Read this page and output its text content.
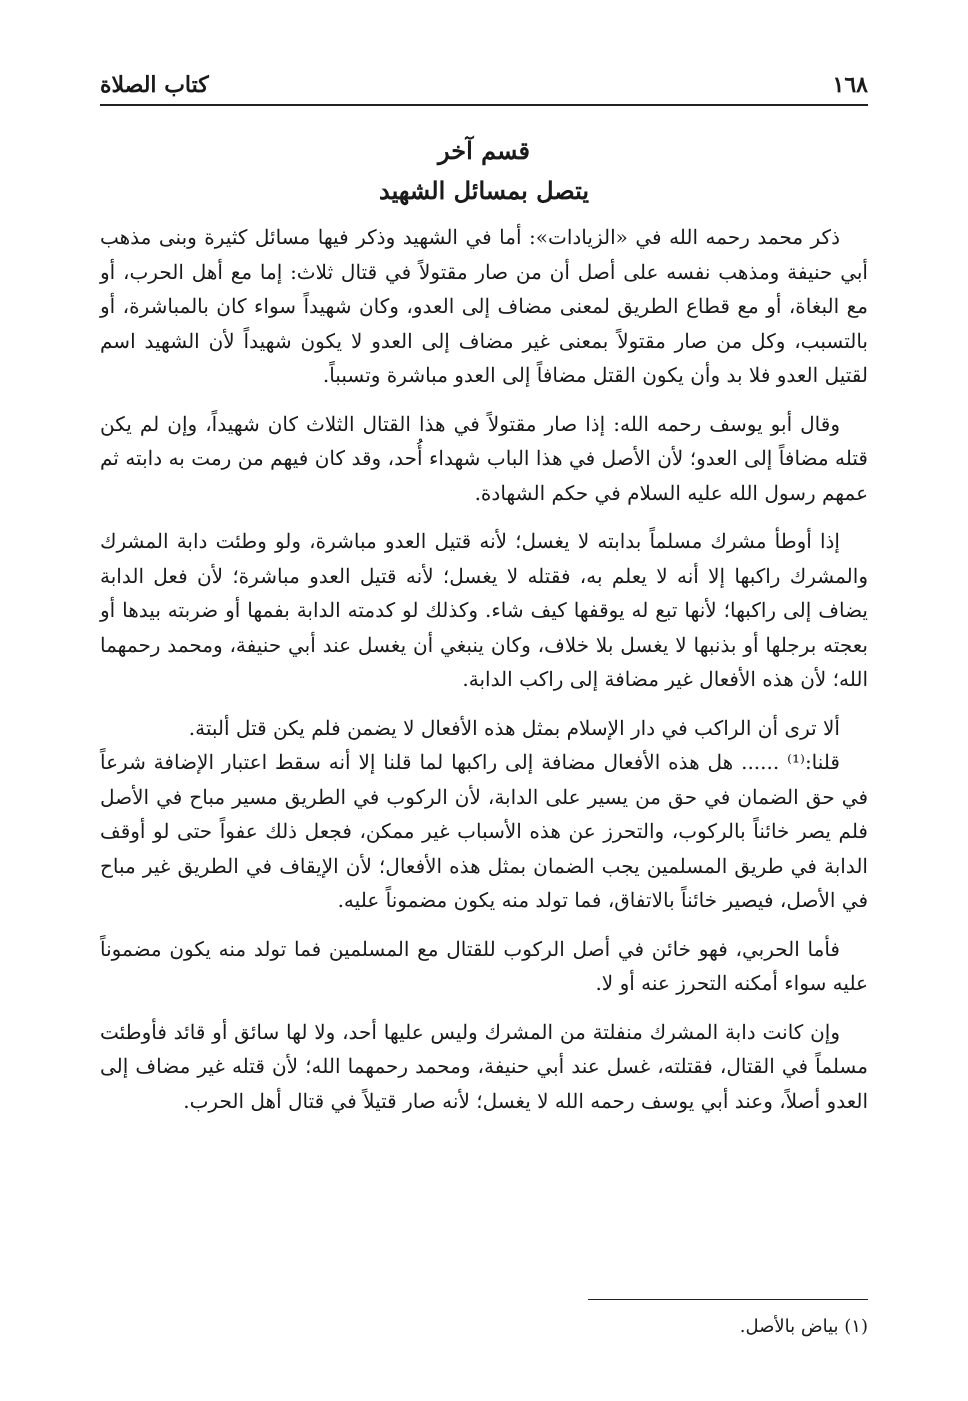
١٦٨
كتاب الصلاة
قسم آخر
يتصل بمسائل الشهيد

ذكر محمد رحمه الله في «الزيادات»: أما في الشهيد وذكر فيها مسائل كثيرة وبنى مذهب أبي حنيفة ومذهب نفسه على أصل أن من صار مقتولاً في قتال ثلاث: إما مع أهل الحرب، أو مع البغاة، أو مع قطاع الطريق لمعنى مضاف إلى العدو، وكان شهيداً سواء كان بالمباشرة، أو بالتسبب، وكل من صار مقتولاً بمعنى غير مضاف إلى العدو لا يكون شهيداً لأن الشهيد اسم لقتيل العدو فلا بد وأن يكون القتل مضافاً إلى العدو مباشرة وتسبباً.

وقال أبو يوسف رحمه الله: إذا صار مقتولاً في هذا القتال الثلاث كان شهيداً، وإن لم يكن قتله مضافاً إلى العدو؛ لأن الأصل في هذا الباب شهداء أُحد، وقد كان فيهم من رمت به دابته ثم عمهم رسول الله عليه السلام في حكم الشهادة.

إذا أوطأ مشرك مسلماً بدابته لا يغسل؛ لأنه قتيل العدو مباشرة، ولو وطئت دابة المشرك والمشرك راكبها إلا أنه لا يعلم به، فقتله لا يغسل؛ لأنه قتيل العدو مباشرة؛ لأن فعل الدابة يضاف إلى راكبها؛ لأنها تبع له يوقفها كيف شاء. وكذلك لو كدمته الدابة بفمها أو ضربته بيدها أو بعجته برجلها أو بذنبها لا يغسل بلا خلاف، وكان ينبغي أن يغسل عند أبي حنيفة، ومحمد رحمهما الله؛ لأن هذه الأفعال غير مضافة إلى راكب الدابة.

ألا ترى أن الراكب في دار الإسلام بمثل هذه الأفعال لا يضمن فلم يكن قتل ألبتة.

قلنا:⁽¹⁾ ...... هل هذه الأفعال مضافة إلى راكبها لما قلنا إلا أنه سقط اعتبار الإضافة شرعاً في حق الضمان في حق من يسير على الدابة، لأن الركوب في الطريق مسير مباح في الأصل فلم يصر خائناً بالركوب، والتحرز عن هذه الأسباب غير ممكن، فجعل ذلك عفواً حتى لو أوقف الدابة في طريق المسلمين يجب الضمان بمثل هذه الأفعال؛ لأن الإيقاف في الطريق غير مباح في الأصل، فيصير خائناً بالاتفاق، فما تولد منه يكون مضموناً عليه.

فأما الحربي، فهو خائن في أصل الركوب للقتال مع المسلمين فما تولد منه يكون مضموناً عليه سواء أمكنه التحرز عنه أو لا.

وإن كانت دابة المشرك منفلتة من المشرك وليس عليها أحد، ولا لها سائق أو قائد فأوطئت مسلماً في القتال، فقتلته، غسل عند أبي حنيفة، ومحمد رحمهما الله؛ لأن قتله غير مضاف إلى العدو أصلاً، وعند أبي يوسف رحمه الله لا يغسل؛ لأنه صار قتيلاً في قتال أهل الحرب.

(١) بياض بالأصل.
